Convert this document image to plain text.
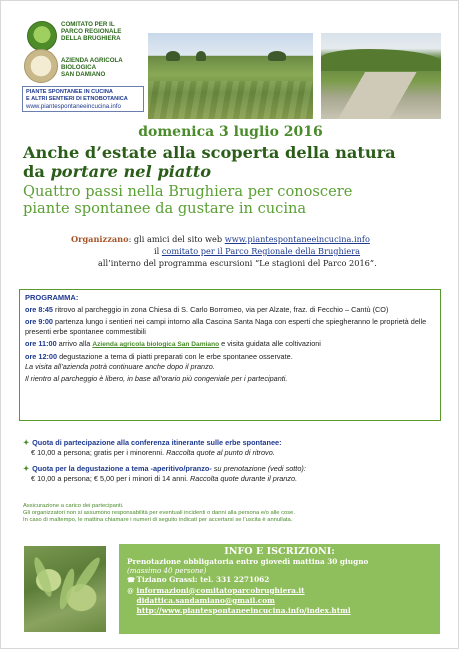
COMITATO PER IL
PARCO REGIONALE
DELLA BRUGHIERA
AZIENDA AGRICOLA
BIOLOGICA
SAN DAMIANO
PIANTE SPONTANEE IN CUCINA
E ALTRI SENTIERI DI ETNOBOTANICA
www.piantespontaneeincucina.info
domenica 3 luglio 2016
Anche d’estate alla scoperta della natura
da portare nel piatto
Quattro passi nella Brughiera per conoscere
piante spontanee da gustare in cucina
Organizzano: gli amici del sito web www.piantespontaneeincucina.info
il comitato per il Parco Regionale della Brughiera
all’interno del programma escursioni “Le stagioni del Parco 2016”.
PROGRAMMA:
ore 8:45 ritrovo al parcheggio in zona Chiesa di S. Carlo Borromeo, via per Alzate, fraz. di Fecchio – Cantù (CO)
ore 9:00 partenza lungo i sentieri nei campi intorno alla Cascina Santa Naga con esperti che spiegheranno le proprietà delle presenti erbe spontanee commestibili
ore 11:00 arrivo alla Azienda agricola biologica San Damiano e visita guidata alle coltivazioni
ore 12:00 degustazione a tema di piatti preparati con le erbe spontanee osservate.
La visita all’azienda potrà continuare anche dopo il pranzo.
Il rientro al parcheggio è libero, in base all’orario più congeniale per i partecipanti.
✦ Quota di partecipazione alla conferenza itinerante sulle erbe spontanee:
€ 10,00 a persona; gratis per i minorenni. Raccolta quote al punto di ritrovo.
✦ Quota per la degustazione a tema -aperitivo/pranzo- su prenotazione (vedi sotto):
€ 10,00 a persona; € 5,00 per i minori di 14 anni. Raccolta quote durante il pranzo.
Assicurazione a carico dei partecipanti.
Gli organizzatori non si assumono responsabilità per eventuali incidenti o danni alla persona e/o alle cose.
In caso di maltempo, le mattina chiamare i numeri di seguito indicati per accertarsi se l’uscita è annullata.
INFO E ISCRIZIONI:
Prenotazione obbligatoria entro giovedì mattina 30 giugno
(massimo 40 persone)
☎ Tiziano Grassi: tel. 331 2271062
@ informazioni@comitatoparcobrughiera.it
didattica.sandamiano@gmail.com
http://www.piantespontaneeincucina.info/index.html
